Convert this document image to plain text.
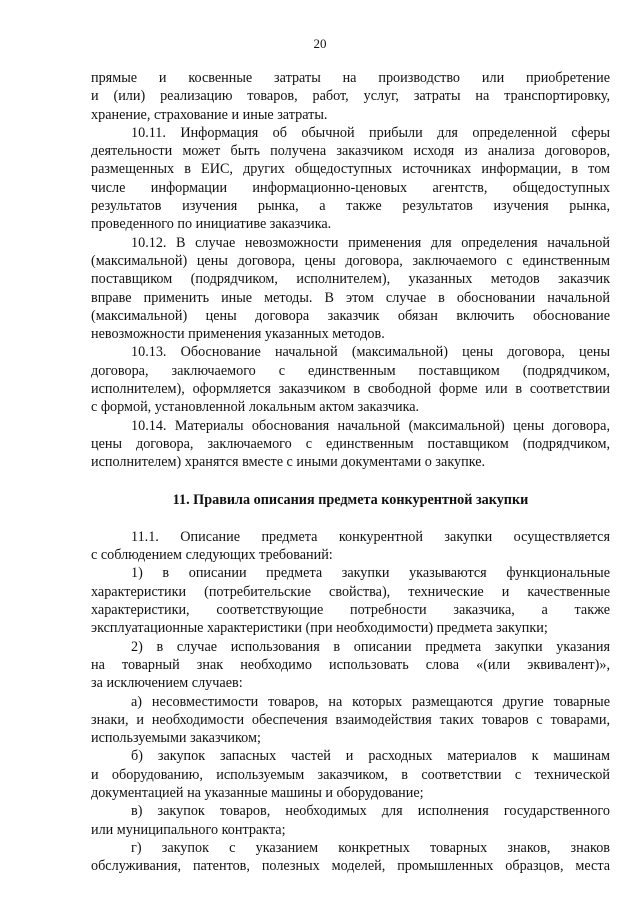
20
прямые и косвенные затраты на производство или приобретение
и (или) реализацию товаров, работ, услуг, затраты на транспортировку,
хранение, страхование и иные затраты.
10.11. Информация об обычной прибыли для определенной сферы
деятельности может быть получена заказчиком исходя из анализа договоров,
размещенных в ЕИС, других общедоступных источниках информации, в том
числе информации информационно-ценовых агентств, общедоступных
результатов изучения рынка, а также результатов изучения рынка,
проведенного по инициативе заказчика.
10.12. В случае невозможности применения для определения начальной
(максимальной) цены договора, цены договора, заключаемого с единственным
поставщиком (подрядчиком, исполнителем), указанных методов заказчик
вправе применить иные методы. В этом случае в обосновании начальной
(максимальной) цены договора заказчик обязан включить обоснование
невозможности применения указанных методов.
10.13. Обоснование начальной (максимальной) цены договора, цены
договора, заключаемого с единственным поставщиком (подрядчиком,
исполнителем), оформляется заказчиком в свободной форме или в соответствии
с формой, установленной локальным актом заказчика.
10.14. Материалы обоснования начальной (максимальной) цены договора,
цены договора, заключаемого с единственным поставщиком (подрядчиком,
исполнителем) хранятся вместе с иными документами о закупке.
11. Правила описания предмета конкурентной закупки
11.1. Описание предмета конкурентной закупки осуществляется
с соблюдением следующих требований:
1) в описании предмета закупки указываются функциональные
характеристики (потребительские свойства), технические и качественные
характеристики, соответствующие потребности заказчика, а также
эксплуатационные характеристики (при необходимости) предмета закупки;
2) в случае использования в описании предмета закупки указания
на товарный знак необходимо использовать слова «(или эквивалент)»,
за исключением случаев:
а) несовместимости товаров, на которых размещаются другие товарные
знаки, и необходимости обеспечения взаимодействия таких товаров с товарами,
используемыми заказчиком;
б) закупок запасных частей и расходных материалов к машинам
и оборудованию, используемым заказчиком, в соответствии с технической
документацией на указанные машины и оборудование;
в) закупок товаров, необходимых для исполнения государственного
или муниципального контракта;
г) закупок с указанием конкретных товарных знаков, знаков
обслуживания, патентов, полезных моделей, промышленных образцов, места
